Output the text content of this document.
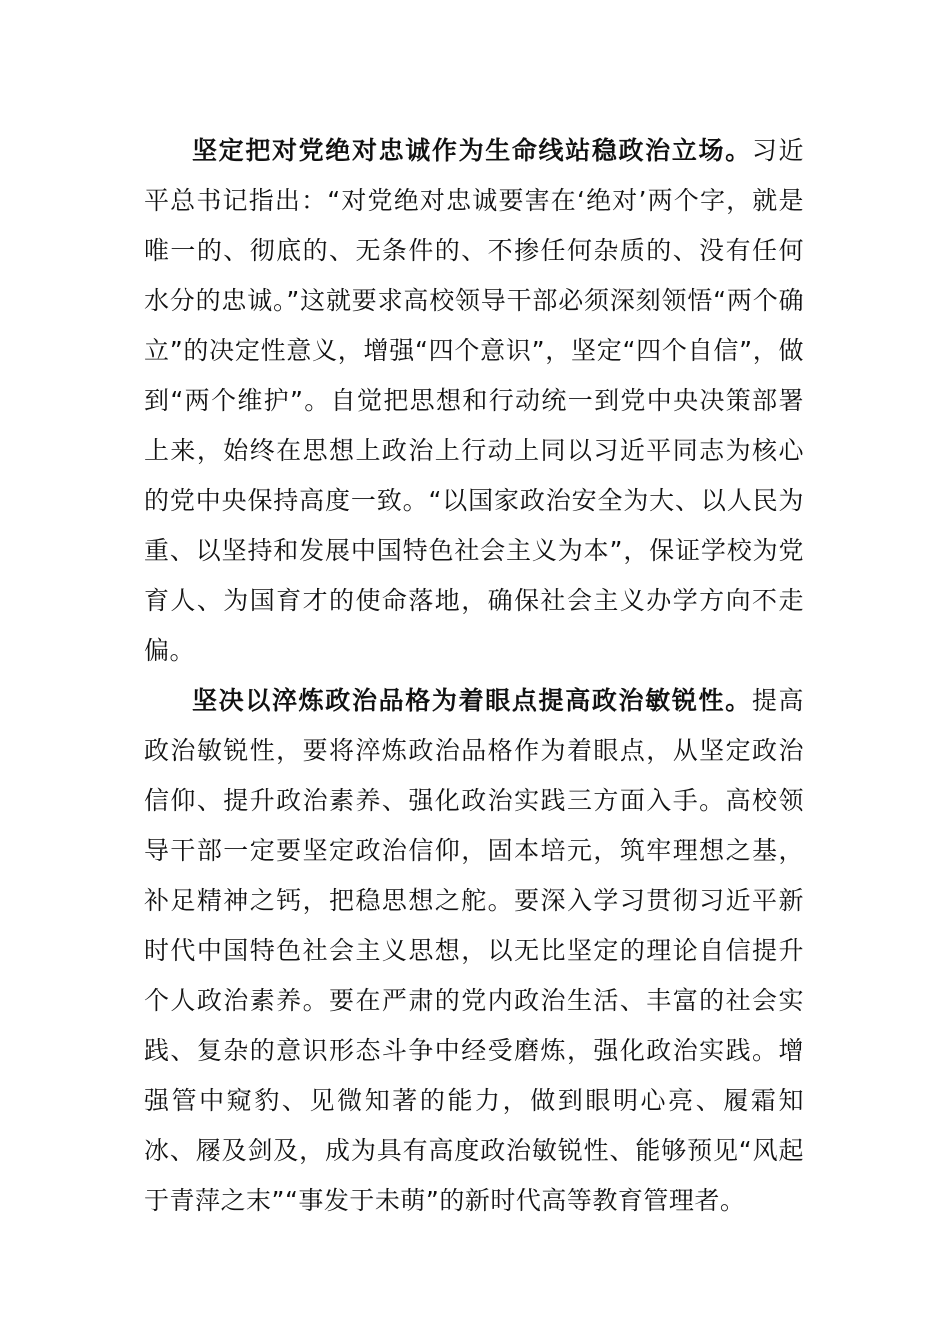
坚定把对党绝对忠诚作为生命线站稳政治立场。习近平总书记指出：“对党绝对忠诚要害在‘绝对’两个字，就是唯一的、彻底的、无条件的、不掺任何杂质的、没有任何水分的忠诚。”这就要求高校领导干部必须深刻领悟“两个确立”的决定性意义，增强“四个意识”，坚定“四个自信”，做到“两个维护”。自觉把思想和行动统一到党中央决策部署上来，始终在思想上政治上行动上同以习近平同志为核心的党中央保持高度一致。“以国家政治安全为大、以人民为重、以坚持和发展中国特色社会主义为本”，保证学校为党育人、为国育才的使命落地，确保社会主义办学方向不走偏。

坚决以淬炼政治品格为着眼点提高政治敏锐性。提高政治敏锐性，要将淬炼政治品格作为着眼点，从坚定政治信仰、提升政治素养、强化政治实践三方面入手。高校领导干部一定要坚定政治信仰，固本培元，筑牢理想之基，补足精神之钙，把稳思想之舵。要深入学习贯彻习近平新时代中国特色社会主义思想，以无比坚定的理论自信提升个人政治素养。要在严肃的党内政治生活、丰富的社会实践、复杂的意识形态斗争中经受磨炼，强化政治实践。增强管中窥豹、见微知著的能力，做到眼明心亮、履霜知冰、屦及剑及，成为具有高度政治敏锐性、能够预见“风起于青萍之末”“事发于未萌”的新时代高等教育管理者。
